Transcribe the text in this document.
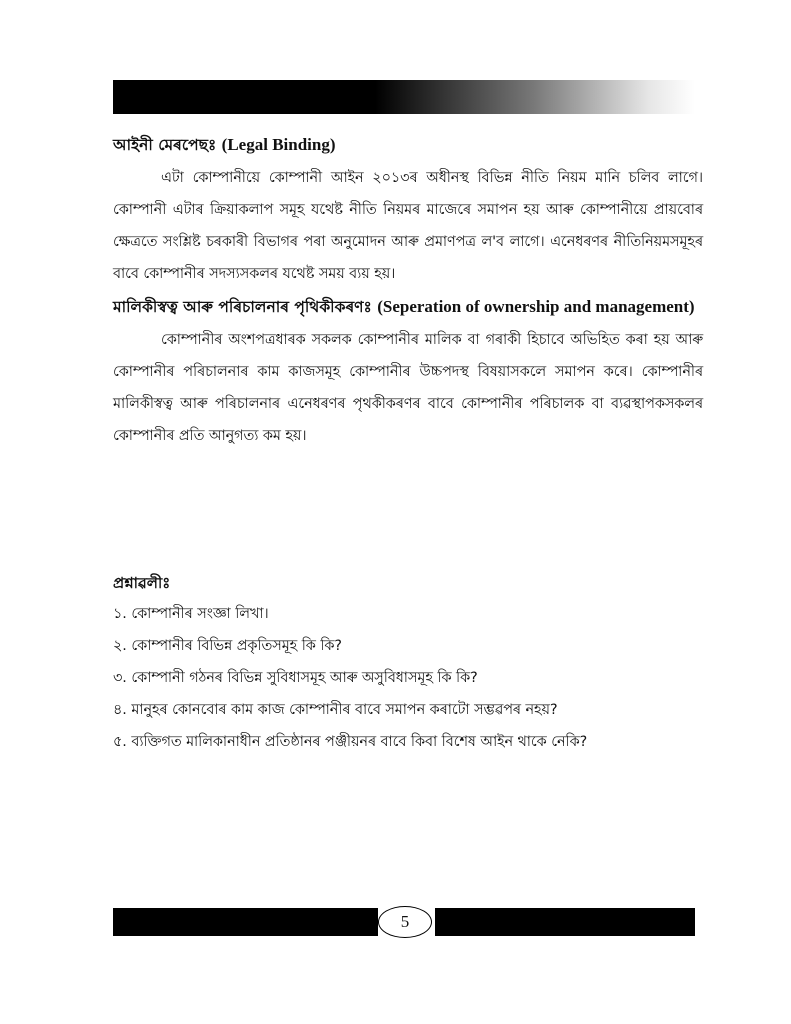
আইনী মেৰপেছঃ (Legal Binding)

এটা কোম্পানীয়ে কোম্পানী আইন ২০১৩ৰ অধীনস্থ বিভিন্ন নীতি নিয়ম মানি চলিব লাগে। কোম্পানী এটাৰ ক্ৰিয়াকলাপ সমূহ যথেষ্ট নীতি নিয়মৰ মাজেৰে সমাপন হয় আৰু কোম্পানীয়ে প্ৰায়বোৰ ক্ষেত্ৰতে সংশ্লিষ্ট চৰকাৰী বিভাগৰ পৰা অনুমোদন আৰু প্ৰমাণপত্ৰ ল'ব লাগে। এনেধৰণৰ নীতিনিয়মসমূহৰ বাবে কোম্পানীৰ সদস্যসকলৰ যথেষ্ট সময় ব্যয় হয়।

মালিকীস্বত্ব আৰু পৰিচালনাৰ পৃথিকীকৰণঃ (Seperation of ownership and management)

কোম্পানীৰ অংশপত্ৰধাৰক সকলক কোম্পানীৰ মালিক বা গৰাকী হিচাবে অভিহিত কৰা হয় আৰু কোম্পানীৰ পৰিচালনাৰ কাম কাজসমূহ কোম্পানীৰ উচ্চপদস্থ বিষয়াসকলে সমাপন কৰে। কোম্পানীৰ মালিকীস্বত্ব আৰু পৰিচালনাৰ এনেধৰণৰ পৃথকীকৰণৰ বাবে কোম্পানীৰ পৰিচালক বা ব্যৱস্থাপকসকলৰ কোম্পানীৰ প্ৰতি আনুগত্য কম হয়।

প্ৰশ্নাৱলীঃ

১. কোম্পানীৰ সংজ্ঞা লিখা।
২. কোম্পানীৰ বিভিন্ন প্ৰকৃতিসমূহ কি কি?
৩. কোম্পানী গঠনৰ বিভিন্ন সুবিধাসমূহ আৰু অসুবিধাসমূহ কি কি?
৪. মানুহৰ কোনবোৰ কাম কাজ কোম্পানীৰ বাবে সমাপন কৰাটো সম্ভৱপৰ নহয়?
৫. ব্যক্তিগত মালিকানাধীন প্ৰতিষ্ঠানৰ পঞ্জীয়নৰ বাবে কিবা বিশেষ আইন থাকে নেকি?
5
